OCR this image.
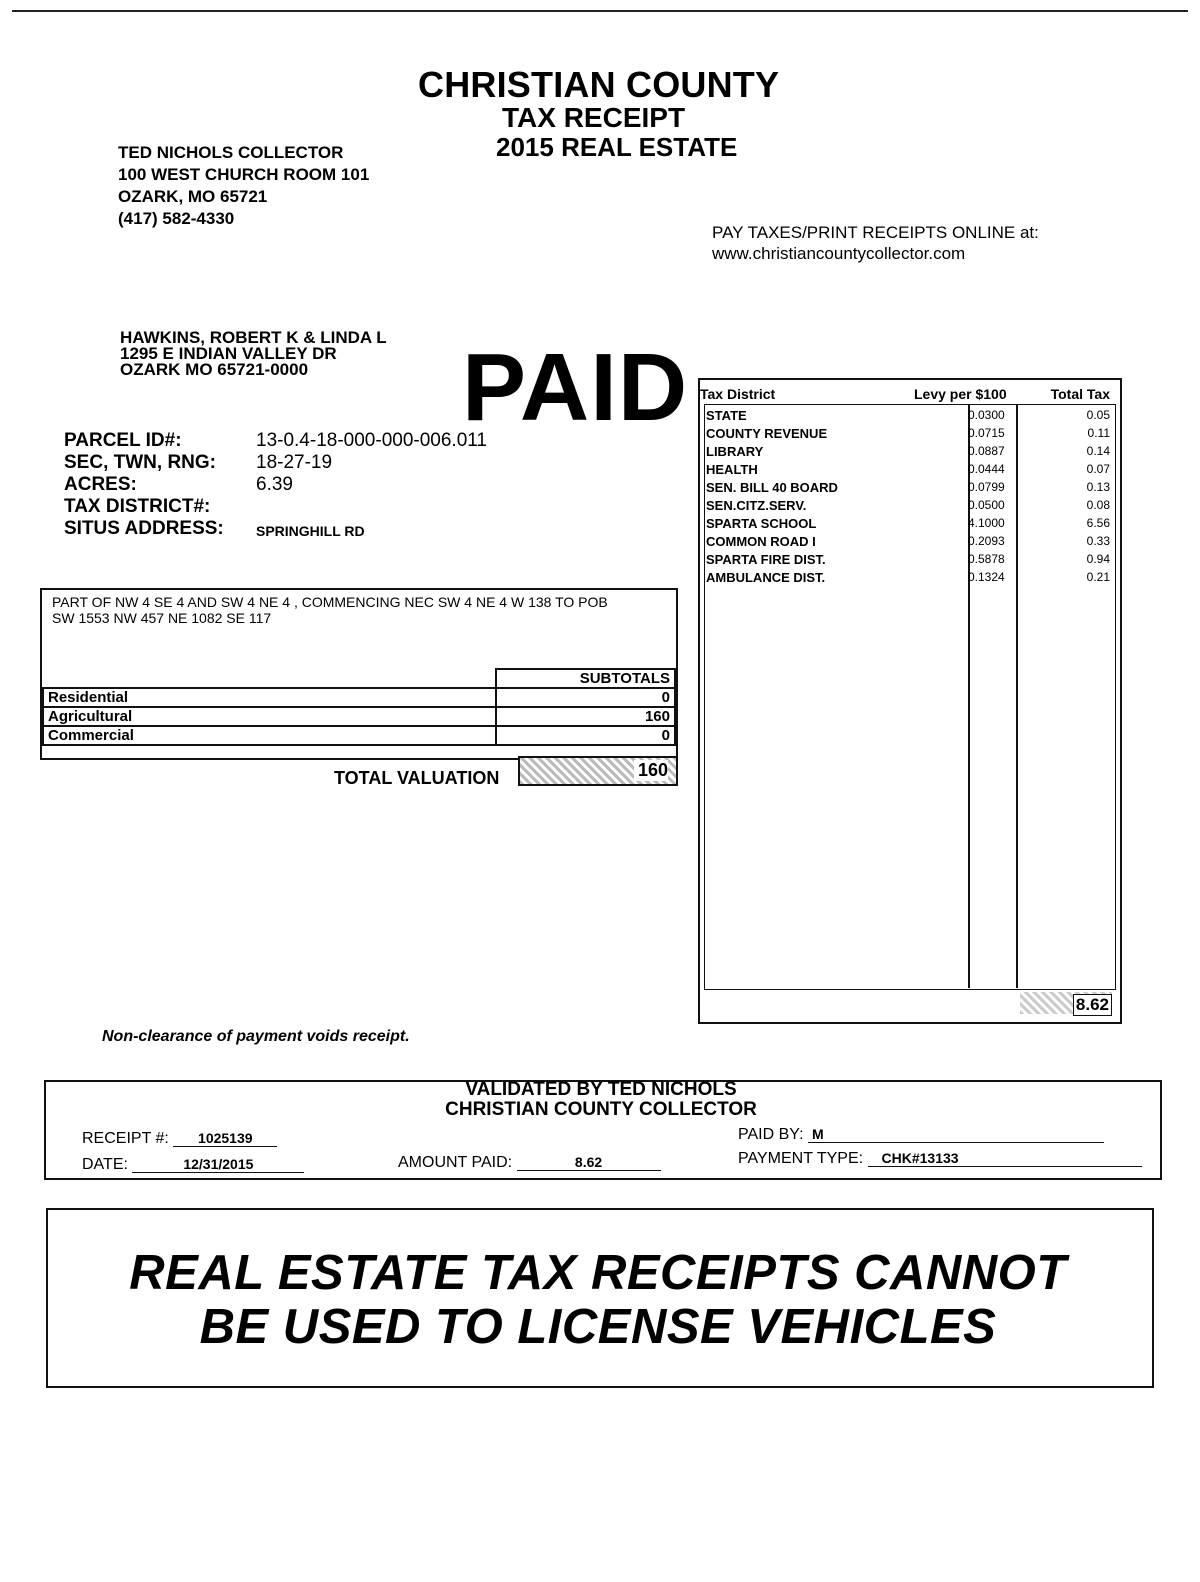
CHRISTIAN COUNTY
TAX RECEIPT
2015 REAL ESTATE
TED NICHOLS COLLECTOR
100 WEST CHURCH ROOM 101
OZARK, MO 65721
(417) 582-4330
PAY TAXES/PRINT RECEIPTS ONLINE at:
www.christiancountycollector.com
HAWKINS, ROBERT K & LINDA L
1295 E INDIAN VALLEY DR
OZARK MO 65721-0000	PAID
PARCEL ID#:	13-0.4-18-000-000-006.011
SEC, TWN, RNG: 18-27-19
ACRES:	6.39
TAX DISTRICT#:
SITUS ADDRESS: SPRINGHILL RD
PART OF NW 4 SE 4 AND SW 4 NE 4 , COMMENCING NEC SW 4 NE 4 W 138 TO POB
SW 1553 NW 457 NE 1082 SE 117
	SUBTOTALS
Residential	0
Agricultural	160
Commercial	0
TOTAL VALUATION	160
Tax District	Levy per $100	Total Tax
STATE	0.0300	0.05
COUNTY REVENUE	0.0715	0.11
LIBRARY	0.0887	0.14
HEALTH	0.0444	0.07
SEN. BILL 40 BOARD	0.0799	0.13
SEN.CITZ.SERV.	0.0500	0.08
SPARTA SCHOOL	4.1000	6.56
COMMON ROAD I	0.2093	0.33
SPARTA FIRE DIST.	0.5878	0.94
AMBULANCE DIST.	0.1324	0.21
8.62
Non-clearance of payment voids receipt.
VALIDATED BY TED NICHOLS
CHRISTIAN COUNTY COLLECTOR
RECEIPT #: 1025139
DATE:	12/31/2015	AMOUNT PAID:	8.62
PAID BY: M
PAYMENT TYPE: CHK#13133
REAL ESTATE TAX RECEIPTS CANNOT
BE USED TO LICENSE VEHICLES
